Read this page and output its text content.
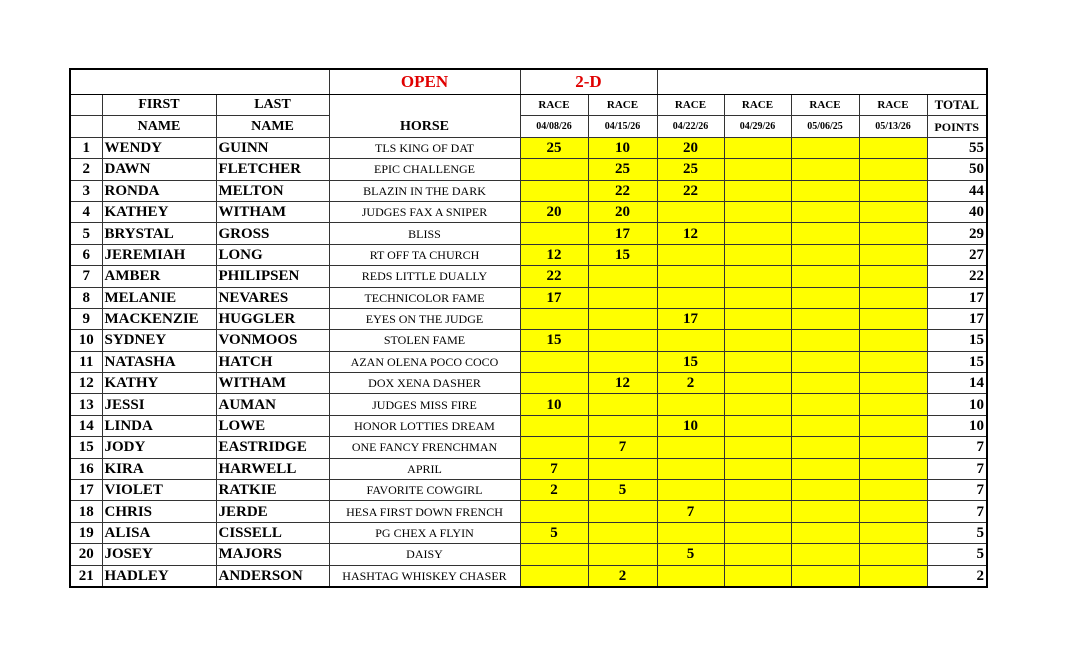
			OPEN	2-D						
	FIRST	LAST	HORSE	RACE	RACE	RACE	RACE	RACE	RACE	TOTAL
	NAME	NAME		04/08/26	04/15/26	04/22/26	04/29/26	05/06/25	05/13/26	POINTS
1	WENDY	GUINN	TLS KING OF DAT	25	10	20				55
2	DAWN	FLETCHER	EPIC CHALLENGE		25	25				50
3	RONDA	MELTON	BLAZIN IN THE DARK		22	22				44
4	KATHEY	WITHAM	JUDGES FAX A SNIPER	20	20					40
5	BRYSTAL	GROSS	BLISS		17	12				29
6	JEREMIAH	LONG	RT OFF TA CHURCH	12	15					27
7	AMBER	PHILIPSEN	REDS LITTLE DUALLY	22						22
8	MELANIE	NEVARES	TECHNICOLOR FAME	17						17
9	MACKENZIE	HUGGLER	EYES ON THE JUDGE			17				17
10	SYDNEY	VONMOOS	STOLEN FAME	15						15
11	NATASHA	HATCH	AZAN OLENA POCO COCO			15				15
12	KATHY	WITHAM	DOX XENA DASHER		12	2				14
13	JESSI	AUMAN	JUDGES MISS FIRE	10						10
14	LINDA	LOWE	HONOR LOTTIES DREAM			10				10
15	JODY	EASTRIDGE	ONE FANCY FRENCHMAN		7					7
16	KIRA	HARWELL	APRIL	7						7
17	VIOLET	RATKIE	FAVORITE COWGIRL	2	5					7
18	CHRIS	JERDE	HESA FIRST DOWN FRENCH			7				7
19	ALISA	CISSELL	PG CHEX A FLYIN	5						5
20	JOSEY	MAJORS	DAISY			5				5
21	HADLEY	ANDERSON	HASHTAG WHISKEY CHASER		2					2
